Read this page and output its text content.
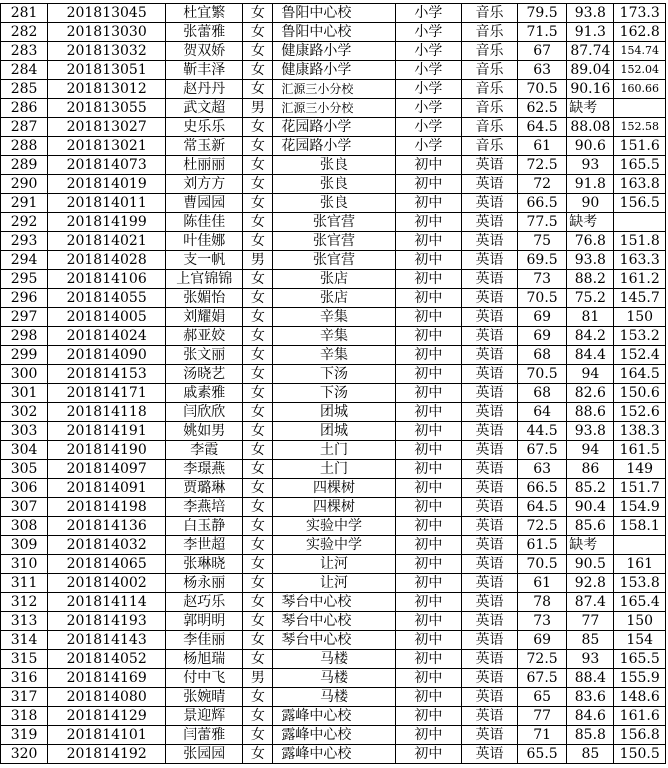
281	201813045	杜宜繁	女	鲁阳中心校	小学	音乐	79.5	93.8	173.3
282	201813030	张蕾雅	女	鲁阳中心校	小学	音乐	71.5	91.3	162.8
283	201813032	贺双娇	女	健康路小学	小学	音乐	67	87.74	154.74
284	201813051	靳丰泽	女	健康路小学	小学	音乐	63	89.04	152.04
285	201813012	赵丹丹	女	汇源三小分校	小学	音乐	70.5	90.16	160.66
286	201813055	武文超	男	汇源三小分校	小学	音乐	62.5	缺考	
287	201813027	史乐乐	女	花园路小学	小学	音乐	64.5	88.08	152.58
288	201813021	常玉新	女	花园路小学	小学	音乐	61	90.6	151.6
289	201814073	杜丽丽	女	张良	初中	英语	72.5	93	165.5
290	201814019	刘方方	女	张良	初中	英语	72	91.8	163.8
291	201814011	曹园园	女	张良	初中	英语	66.5	90	156.5
292	201814199	陈佳佳	女	张官营	初中	英语	77.5	缺考	
293	201814021	叶佳娜	女	张官营	初中	英语	75	76.8	151.8
294	201814028	支一帆	男	张官营	初中	英语	69.5	93.8	163.3
295	201814106	上官锦锦	女	张店	初中	英语	73	88.2	161.2
296	201814055	张媚怡	女	张店	初中	英语	70.5	75.2	145.7
297	201814005	刘耀娟	女	辛集	初中	英语	69	81	150
298	201814024	郝亚姣	女	辛集	初中	英语	69	84.2	153.2
299	201814090	张文丽	女	辛集	初中	英语	68	84.4	152.4
300	201814153	汤晓艺	女	下汤	初中	英语	70.5	94	164.5
301	201814171	戚素雅	女	下汤	初中	英语	68	82.6	150.6
302	201814118	闫欣欣	女	团城	初中	英语	64	88.6	152.6
303	201814191	姚如男	女	团城	初中	英语	44.5	93.8	138.3
304	201814190	李霞	女	土门	初中	英语	67.5	94	161.5
305	201814097	李璟燕	女	土门	初中	英语	63	86	149
306	201814091	贾璐琳	女	四棵树	初中	英语	66.5	85.2	151.7
307	201814198	李燕培	女	四棵树	初中	英语	64.5	90.4	154.9
308	201814136	白玉静	女	实验中学	初中	英语	72.5	85.6	158.1
309	201814032	李世超	女	实验中学	初中	英语	61.5	缺考	
310	201814065	张琳晓	女	让河	初中	英语	70.5	90.5	161
311	201814002	杨永丽	女	让河	初中	英语	61	92.8	153.8
312	201814114	赵巧乐	女	琴台中心校	初中	英语	78	87.4	165.4
313	201814193	郭明明	女	琴台中心校	初中	英语	73	77	150
314	201814143	李佳丽	女	琴台中心校	初中	英语	69	85	154
315	201814052	杨旭瑞	女	马楼	初中	英语	72.5	93	165.5
316	201814169	付中飞	男	马楼	初中	英语	67.5	88.4	155.9
317	201814080	张婉晴	女	马楼	初中	英语	65	83.6	148.6
318	201814129	景迎辉	女	露峰中心校	初中	英语	77	84.6	161.6
319	201814101	闫蕾雅	女	露峰中心校	初中	英语	71	85.8	156.8
320	201814192	张园园	女	露峰中心校	初中	英语	65.5	85	150.5
